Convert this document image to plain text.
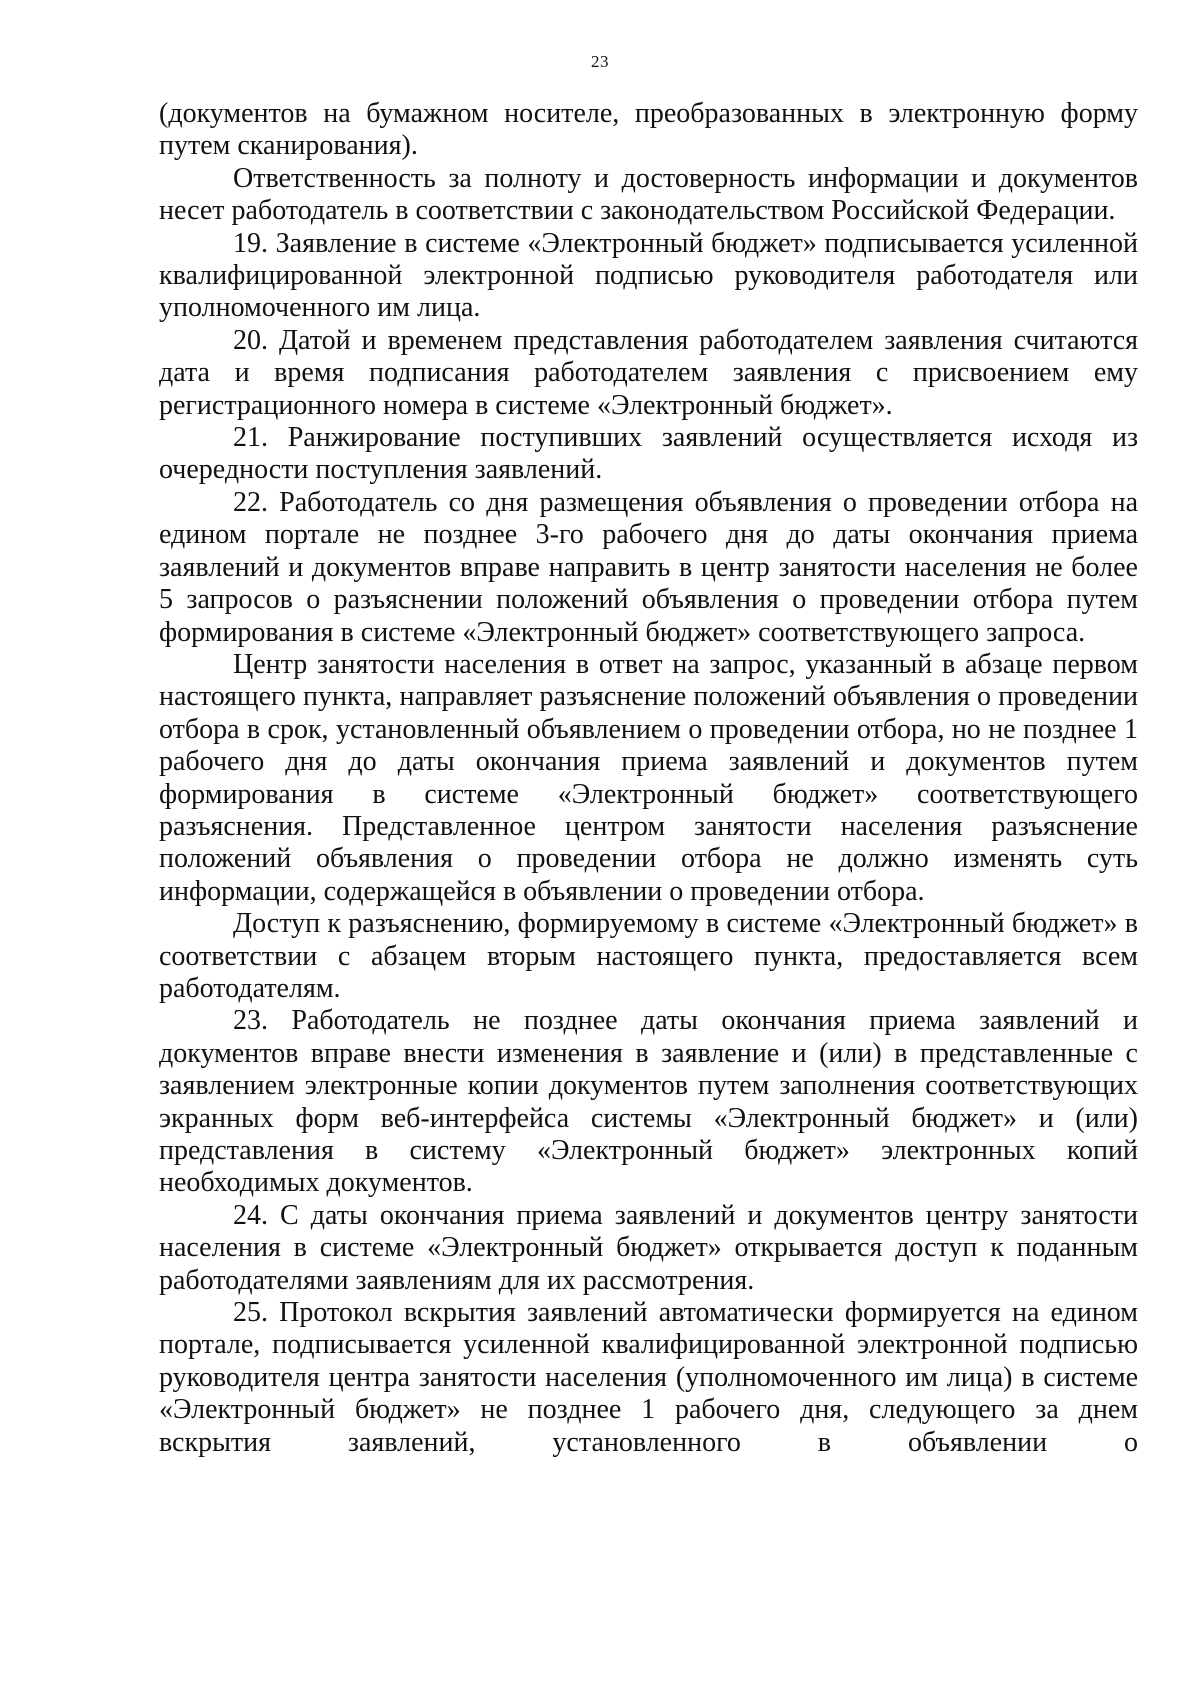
23

(документов на бумажном носителе, преобразованных в электронную форму путем сканирования).

Ответственность за полноту и достоверность информации и документов несет работодатель в соответствии с законодательством Российской Федерации.

19. Заявление в системе «Электронный бюджет» подписывается усиленной квалифицированной электронной подписью руководителя работодателя или уполномоченного им лица.

20. Датой и временем представления работодателем заявления считаются дата и время подписания работодателем заявления с присвоением ему регистрационного номера в системе «Электронный бюджет».

21. Ранжирование поступивших заявлений осуществляется исходя из очередности поступления заявлений.

22. Работодатель со дня размещения объявления о проведении отбора на едином портале не позднее 3-го рабочего дня до даты окончания приема заявлений и документов вправе направить в центр занятости населения не более 5 запросов о разъяснении положений объявления о проведении отбора путем формирования в системе «Электронный бюджет» соответствующего запроса.

Центр занятости населения в ответ на запрос, указанный в абзаце первом настоящего пункта, направляет разъяснение положений объявления о проведении отбора в срок, установленный объявлением о проведении отбора, но не позднее 1 рабочего дня до даты окончания приема заявлений и документов путем формирования в системе «Электронный бюджет» соответствующего разъяснения. Представленное центром занятости населения разъяснение положений объявления о проведении отбора не должно изменять суть информации, содержащейся в объявлении о проведении отбора.

Доступ к разъяснению, формируемому в системе «Электронный бюджет» в соответствии с абзацем вторым настоящего пункта, предоставляется всем работодателям.

23. Работодатель не позднее даты окончания приема заявлений и документов вправе внести изменения в заявление и (или) в представленные с заявлением электронные копии документов путем заполнения соответствующих экранных форм веб-интерфейса системы «Электронный бюджет» и (или) представления в систему «Электронный бюджет» электронных копий необходимых документов.

24. С даты окончания приема заявлений и документов центру занятости населения в системе «Электронный бюджет» открывается доступ к поданным работодателями заявлениям для их рассмотрения.

25. Протокол вскрытия заявлений автоматически формируется на едином портале, подписывается усиленной квалифицированной электронной подписью руководителя центра занятости населения (уполномоченного им лица) в системе «Электронный бюджет» не позднее 1 рабочего дня, следующего за днем вскрытия заявлений, установленного в объявлении о
